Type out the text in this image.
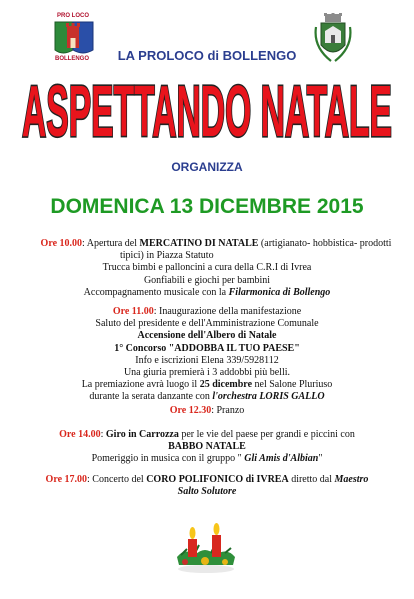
PRO LOCO
BOLLENGO	LA PROLOCO di BOLLENGO
ASPETTANDO NATALE
ORGANIZZA
DOMENICA 13 DICEMBRE 2015
Ore 10.00: Apertura del MERCATINO DI NATALE (artigianato- hobbistica- prodotti
tipici) in Piazza Statuto
Trucca bimbi e palloncini a cura della C.R.I di Ivrea
Gonfiabili e giochi per bambini
Accompagnamento musicale con la Filarmonica di Bollengo
Ore 11.00: Inaugurazione della manifestazione
Saluto del presidente e dell'Amministrazione Comunale
Accensione dell'Albero di Natale
1° Concorso "ADDOBBA IL TUO PAESE"
Info e iscrizioni Elena 339/5928112
Una giuria premierà i 3 addobbi più belli.
La premiazione avrà luogo il 25 dicembre nel Salone Pluriuso
durante la serata danzante con l'orchestra LORIS GALLO
Ore 12.30: Pranzo
Ore 14.00: Giro in Carrozza per le vie del paese per grandi e piccini con
BABBO NATALE
Pomeriggio in musica con il gruppo " Gli Amis d'Albian"
Ore 17.00: Concerto del CORO POLIFONICO di IVREA diretto dal Maestro
Salto Solutore
